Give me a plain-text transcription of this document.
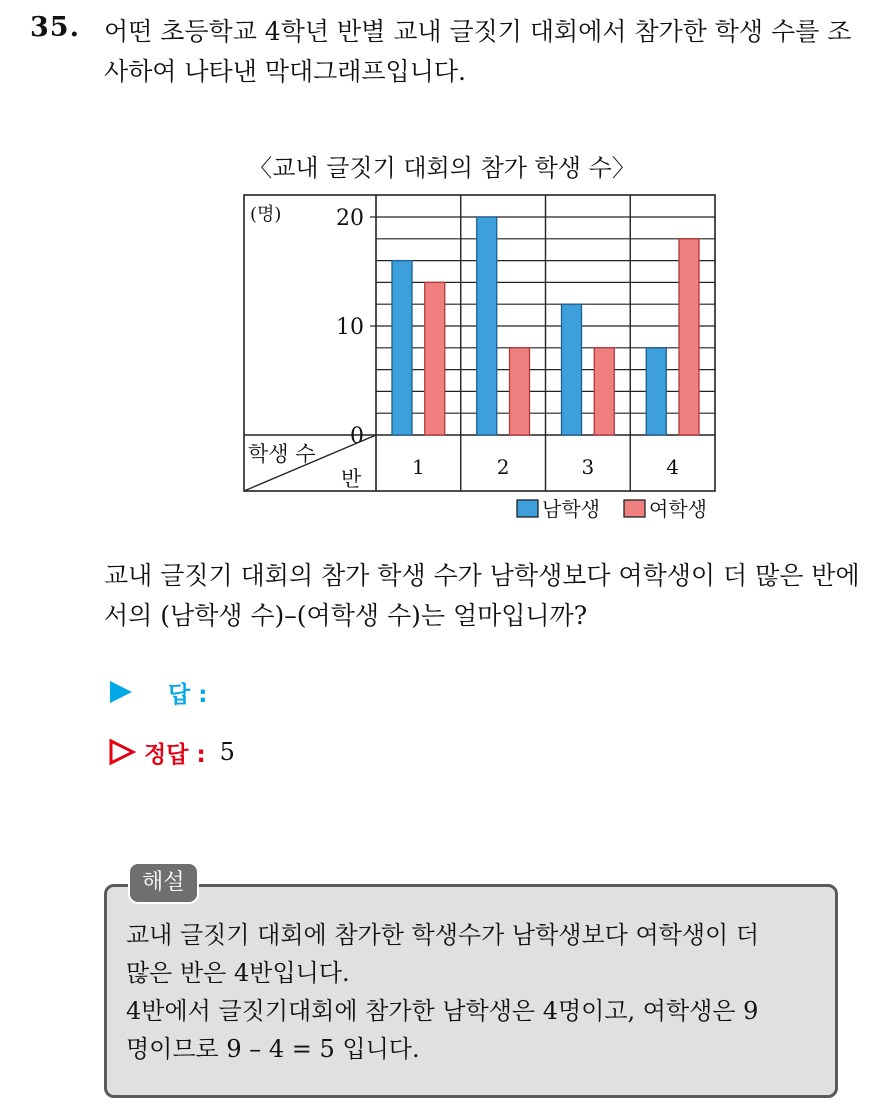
35. 어떤 초등학교 4학년 반별 교내 글짓기 대회에서 참가한 학생 수를 조사하여 나타낸 막대그래프입니다.
〈교내 글짓기 대회의 참가 학생 수〉
1	2	3	4
0
10
20
(명)
학생 수
반
남학생 여학생
교내 글짓기 대회의 참가 학생 수가 남학생보다 여학생이 더 많은 반에서의 (남학생 수)–(여학생 수)는 얼마입니까?
답 :
정답 : 5
해설
교내 글짓기 대회에 참가한 학생수가 남학생보다 여학생이 더
많은 반은 4반입니다.
4반에서 글짓기대회에 참가한 남학생은 4명이고, 여학생은 9
명이므로 9 – 4 = 5 입니다.
